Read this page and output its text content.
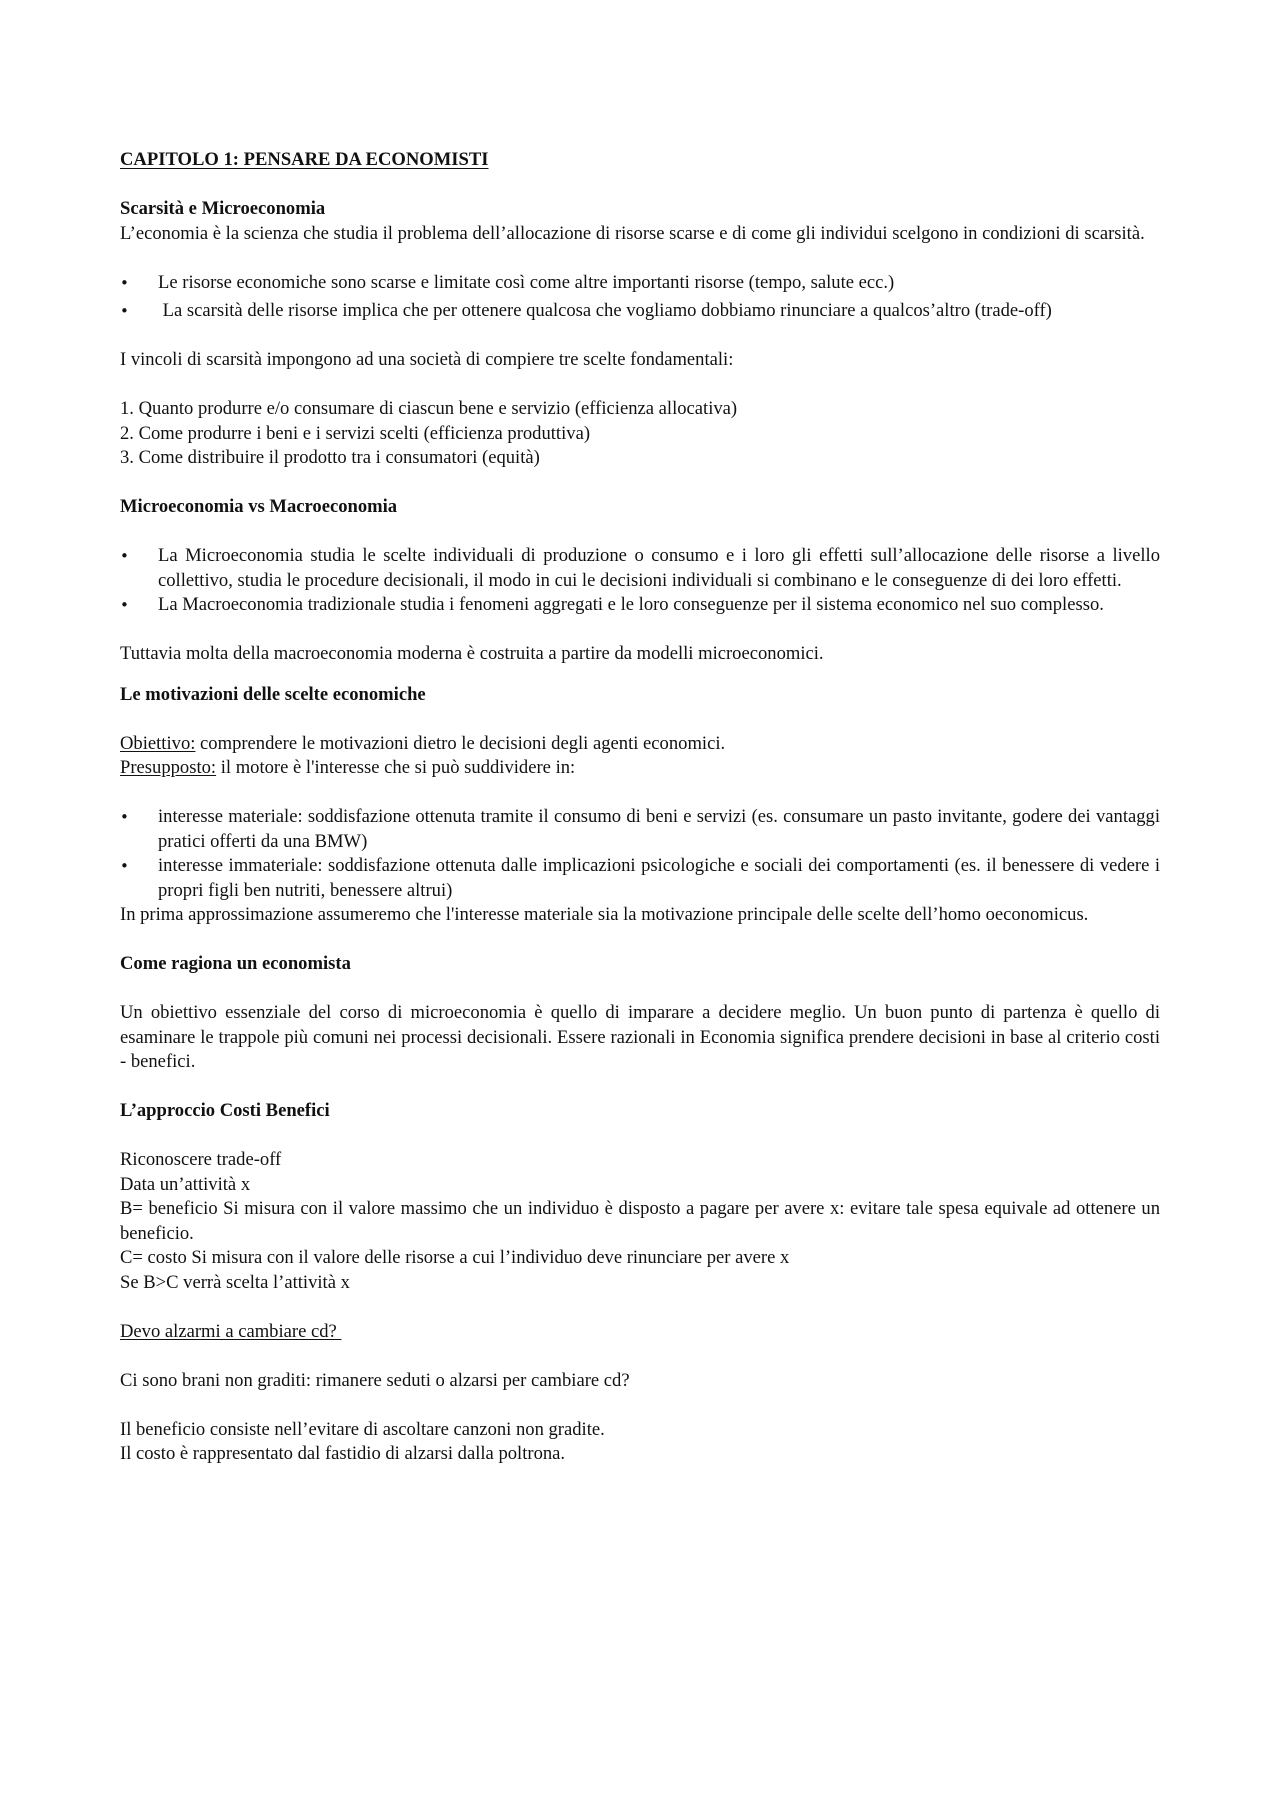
CAPITOLO 1: PENSARE DA ECONOMISTI

Scarsità e Microeconomia

L’economia è la scienza che studia il problema dell’allocazione di risorse scarse e di come gli individui scelgono in condizioni di scarsità.

• Le risorse economiche sono scarse e limitate così come altre importanti risorse (tempo, salute ecc.)
•  La scarsità delle risorse implica che per ottenere qualcosa che vogliamo dobbiamo rinunciare a qualcos’altro (trade-off)

I vincoli di scarsità impongono ad una società di compiere tre scelte fondamentali:

1. Quanto produrre e/o consumare di ciascun bene e servizio (efficienza allocativa)

2. Come produrre i beni e i servizi scelti (efficienza produttiva)

3. Come distribuire il prodotto tra i consumatori (equità)

Microeconomia vs Macroeconomia

• La Microeconomia studia le scelte individuali di produzione o consumo e i loro gli effetti sull’allocazione delle risorse a livello collettivo, studia le procedure decisionali, il modo in cui le decisioni individuali si combinano e le conseguenze di dei loro effetti.
• La Macroeconomia tradizionale studia i fenomeni aggregati e le loro conseguenze per il sistema economico nel suo complesso.

Tuttavia molta della macroeconomia moderna è costruita a partire da modelli microeconomici.

Le motivazioni delle scelte economiche

Obiettivo: comprendere le motivazioni dietro le decisioni degli agenti economici.

Presupposto: il motore è l'interesse che si può suddividere in:

• interesse materiale: soddisfazione ottenuta tramite il consumo di beni e servizi (es. consumare un pasto invitante, godere dei vantaggi pratici offerti da una BMW)
• interesse immateriale: soddisfazione ottenuta dalle implicazioni psicologiche e sociali dei comportamenti (es. il benessere di vedere i propri figli ben nutriti, benessere altrui)

In prima approssimazione assumeremo che l'interesse materiale sia la motivazione principale delle scelte dell’homo oeconomicus.

Come ragiona un economista

Un obiettivo essenziale del corso di microeconomia è quello di imparare a decidere meglio. Un buon punto di partenza è quello di esaminare le trappole più comuni nei processi decisionali. Essere razionali in Economia significa prendere decisioni in base al criterio costi - benefici.

L’approccio Costi Benefici

Riconoscere trade-off

Data un’attività x

B= beneficio Si misura con il valore massimo che un individuo è disposto a pagare per avere x: evitare tale spesa equivale ad ottenere un beneficio.

C= costo Si misura con il valore delle risorse a cui l’individuo deve rinunciare per avere x

Se B>C verrà scelta l’attività x

Devo alzarmi a cambiare cd?

Ci sono brani non graditi: rimanere seduti o alzarsi per cambiare cd?

Il beneficio consiste nell’evitare di ascoltare canzoni non gradite.

Il costo è rappresentato dal fastidio di alzarsi dalla poltrona.
